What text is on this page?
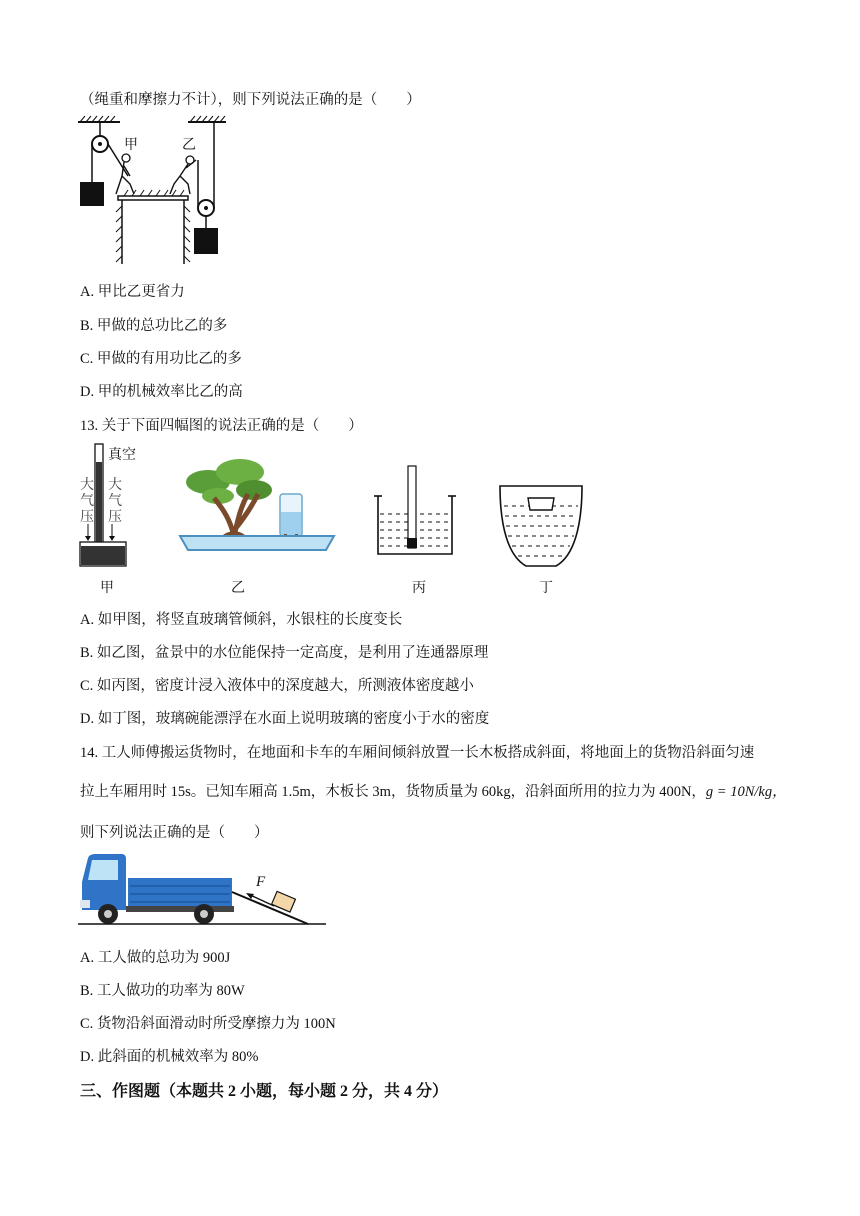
（绳重和摩擦力不计），则下列说法正确的是（　　）
甲	乙
A. 甲比乙更省力
B. 甲做的总功比乙的多
C. 甲做的有用功比乙的多
D. 甲的机械效率比乙的高
13. 关于下面四幅图的说法正确的是（　　）
真空
大
气
压
大
气
压
甲	乙	丙	丁
A. 如甲图，将竖直玻璃管倾斜，水银柱的长度变长
B. 如乙图，盆景中的水位能保持一定高度，是利用了连通器原理
C. 如丙图，密度计浸入液体中的深度越大，所测液体密度越小
D. 如丁图，玻璃碗能漂浮在水面上说明玻璃的密度小于水的密度
14. 工人师傅搬运货物时，在地面和卡车的车厢间倾斜放置一长木板搭成斜面，将地面上的货物沿斜面匀速
拉上车厢用时 15s。已知车厢高 1.5m，木板长 3m，货物质量为 60kg，沿斜面所用的拉力为 400N，g = 10N/kg，
则下列说法正确的是（　　）
F
A. 工人做的总功为 900J
B. 工人做功的功率为 80W
C. 货物沿斜面滑动时所受摩擦力为 100N
D. 此斜面的机械效率为 80%
三、作图题（本题共 2 小题，每小题 2 分，共 4 分）
